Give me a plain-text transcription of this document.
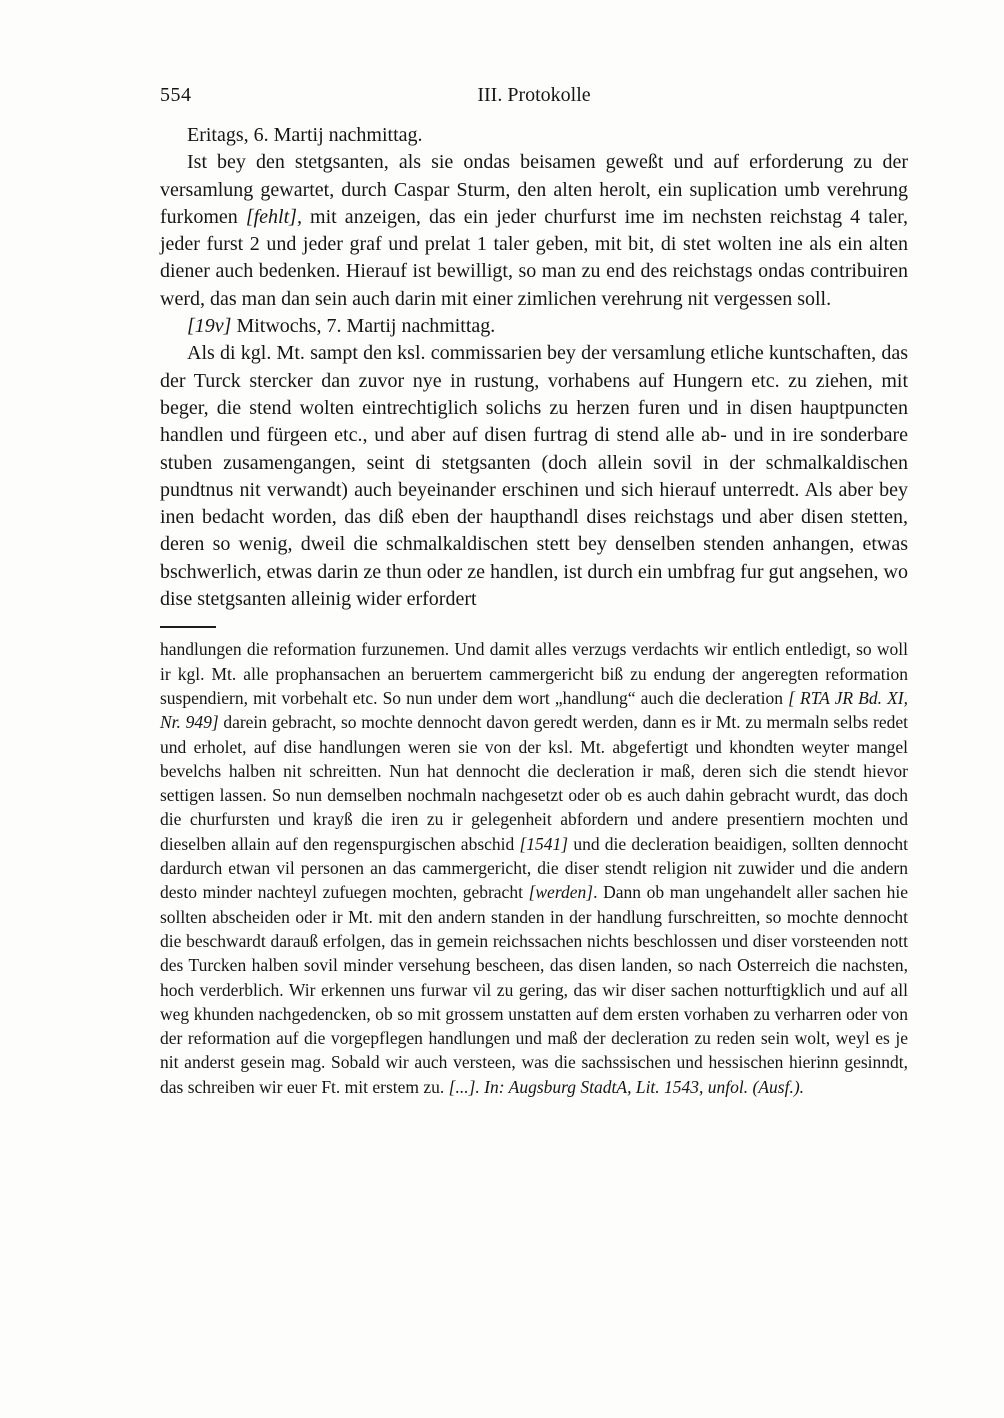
554	III. Protokolle

Eritags, 6. Martij nachmittag.

Ist bey den stetgsanten, als sie ondas beisamen geweßt und auf erforderung zu der versamlung gewartet, durch Caspar Sturm, den alten herolt, ein suplication umb verehrung furkomen [fehlt], mit anzeigen, das ein jeder churfurst ime im nechsten reichstag 4 taler, jeder furst 2 und jeder graf und prelat 1 taler geben, mit bit, di stet wolten ine als ein alten diener auch bedenken. Hierauf ist bewilligt, so man zu end des reichstags ondas contribuiren werd, das man dan sein auch darin mit einer zimlichen verehrung nit vergessen soll.

[19v] Mitwochs, 7. Martij nachmittag.

Als di kgl. Mt. sampt den ksl. commissarien bey der versamlung etliche kuntschaften, das der Turck stercker dan zuvor nye in rustung, vorhabens auf Hungern etc. zu ziehen, mit beger, die stend wolten eintrechtiglich solichs zu herzen furen und in disen hauptpuncten handlen und fürgeen etc., und aber auf disen furtrag di stend alle ab- und in ire sonderbare stuben zusamengangen, seint di stetgsanten (doch allein sovil in der schmalkaldischen pundtnus nit verwandt) auch beyeinander erschinen und sich hierauf unterredt. Als aber bey inen bedacht worden, das diß eben der haupthandl dises reichstags und aber disen stetten, deren so wenig, dweil die schmalkaldischen stett bey denselben stenden anhangen, etwas bschwerlich, etwas darin ze thun oder ze handlen, ist durch ein umbfrag fur gut angsehen, wo dise stetgsanten alleinig wider erfordert

handlungen die reformation furzunemen. Und damit alles verzugs verdachts wir entlich entledigt, so woll ir kgl. Mt. alle prophansachen an beruertem cammergericht biß zu endung der angeregten reformation suspendiern, mit vorbehalt etc. So nun under dem wort „handlung“ auch die decleration [ RTA JR Bd. XI, Nr. 949] darein gebracht, so mochte dennocht davon geredt werden, dann es ir Mt. zu mermaln selbs redet und erholet, auf dise handlungen weren sie von der ksl. Mt. abgefertigt und khondten weyter mangel bevelchs halben nit schreitten. Nun hat dennocht die decleration ir maß, deren sich die stendt hievor settigen lassen. So nun demselben nochmaln nachgesetzt oder ob es auch dahin gebracht wurdt, das doch die churfursten und krayß die iren zu ir gelegenheit abfordern und andere presentiern mochten und dieselben allain auf den regenspurgischen abschid [1541] und die decleration beaidigen, sollten dennocht dardurch etwan vil personen an das cammergericht, die diser stendt religion nit zuwider und die andern desto minder nachteyl zufuegen mochten, gebracht [werden]. Dann ob man ungehandelt aller sachen hie sollten abscheiden oder ir Mt. mit den andern standen in der handlung furschreitten, so mochte dennocht die beschwardt darauß erfolgen, das in gemein reichssachen nichts beschlossen und diser vorsteenden nott des Turcken halben sovil minder versehung bescheen, das disen landen, so nach Osterreich die nachsten, hoch verderblich. Wir erkennen uns furwar vil zu gering, das wir diser sachen notturftigklich und auf all weg khunden nachgedencken, ob so mit grossem unstatten auf dem ersten vorhaben zu verharren oder von der reformation auf die vorgepflegen handlungen und maß der decleration zu reden sein wolt, weyl es je nit anderst gesein mag. Sobald wir auch versteen, was die sachssischen und hessischen hierinn gesinndt, das schreiben wir euer Ft. mit erstem zu. [...]. In: Augsburg StadtA, Lit. 1543, unfol. (Ausf.).
